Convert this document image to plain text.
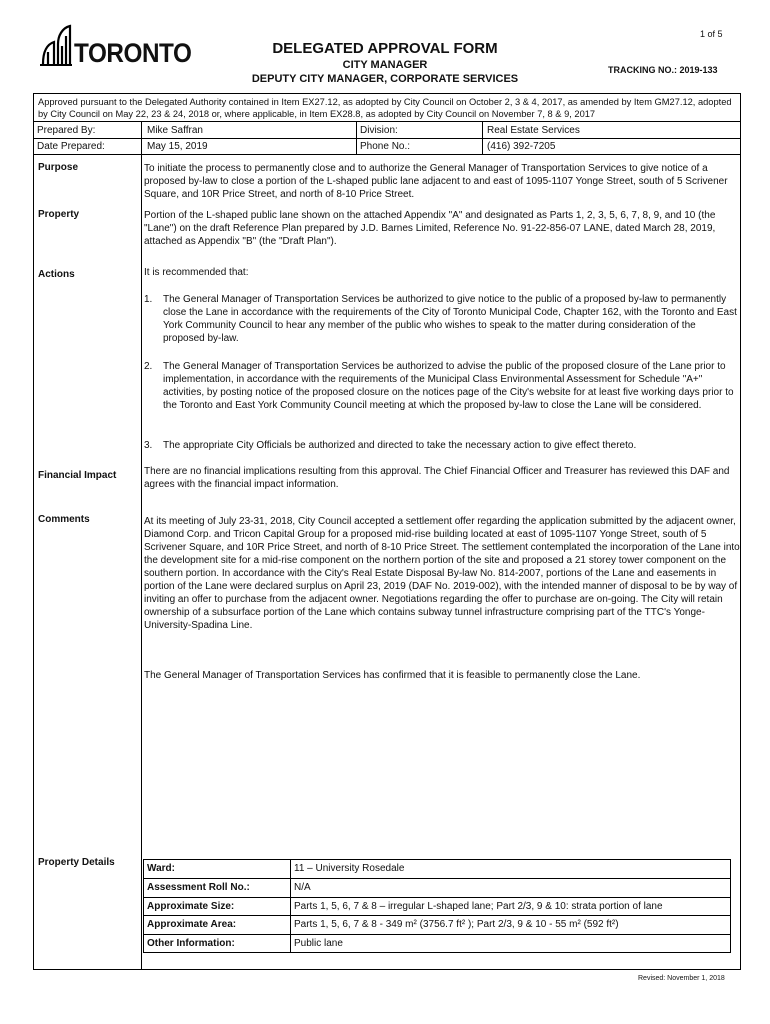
1 of 5
TORONTO	DELEGATED APPROVAL FORM
CITY MANAGER
DEPUTY CITY MANAGER, CORPORATE SERVICES
TRACKING NO.: 2019-133
Approved pursuant to the Delegated Authority contained in Item EX27.12, as adopted by City Council on October 2, 3 & 4, 2017, as amended by Item GM27.12, adopted by City Council on May 22, 23 & 24, 2018 or, where applicable, in Item EX28.8, as adopted by City Council on November 7, 8 & 9, 2017
Prepared By:	Mike Saffran	Division:	Real Estate Services
Date Prepared:	May 15, 2019	Phone No.:	(416) 392-7205
Purpose	To initiate the process to permanently close and to authorize the General Manager of Transportation Services to give notice of a proposed by-law to close a portion of the L-shaped public lane adjacent to and east of 1095-1107 Yonge Street, south of 5 Scrivener Square, and 10R Price Street, and north of 8-10 Price Street.
Property	Portion of the L-shaped public lane shown on the attached Appendix "A" and designated as Parts 1, 2, 3, 5, 6, 7, 8, 9, and 10 (the "Lane") on the draft Reference Plan prepared by J.D. Barnes Limited, Reference No. 91-22-856-07 LANE, dated March 28, 2019, attached as Appendix "B" (the "Draft Plan").
Actions	It is recommended that:
1.	The General Manager of Transportation Services be authorized to give notice to the public of a proposed by-law to permanently close the Lane in accordance with the requirements of the City of Toronto Municipal Code, Chapter 162, with the Toronto and East York Community Council to hear any member of the public who wishes to speak to the matter during consideration of the proposed by-law.
2.	The General Manager of Transportation Services be authorized to advise the public of the proposed closure of the Lane prior to implementation, in accordance with the requirements of the Municipal Class Environmental Assessment for Schedule "A+" activities, by posting notice of the proposed closure on the notices page of the City's website for at least five working days prior to the Toronto and East York Community Council meeting at which the proposed by-law to close the Lane will be considered.
3.	The appropriate City Officials be authorized and directed to take the necessary action to give effect thereto.
Financial Impact	There are no financial implications resulting from this approval. The Chief Financial Officer and Treasurer has reviewed this DAF and agrees with the financial impact information.
Comments	At its meeting of July 23-31, 2018, City Council accepted a settlement offer regarding the application submitted by the adjacent owner, Diamond Corp. and Tricon Capital Group for a proposed mid-rise building located at east of 1095-1107 Yonge Street, south of 5 Scrivener Square, and 10R Price Street, and north of 8-10 Price Street. The settlement contemplated the incorporation of the Lane into the development site for a mid-rise component on the northern portion of the site and proposed a 21 storey tower component on the southern portion. In accordance with the City's Real Estate Disposal By-law No. 814-2007, portions of the Lane and easements in portion of the Lane were declared surplus on April 23, 2019 (DAF No. 2019-002), with the intended manner of disposal to be by way of inviting an offer to purchase from the adjacent owner. Negotiations regarding the offer to purchase are on-going. The City will retain ownership of a subsurface portion of the Lane which contains subway tunnel infrastructure comprising part of the TTC's Yonge-University-Spadina Line.
The General Manager of Transportation Services has confirmed that it is feasible to permanently close the Lane.
Property Details
Ward:	11 – University Rosedale
Assessment Roll No.:	N/A
Approximate Size:	Parts 1, 5, 6, 7 & 8 – irregular L-shaped lane; Part 2/3, 9 & 10: strata portion of lane
Approximate Area:	Parts 1, 5, 6, 7 & 8 - 349 m² (3756.7 ft² ); Part 2/3, 9 & 10 - 55 m² (592 ft²)
Other Information:	Public lane
Revised: November 1, 2018
